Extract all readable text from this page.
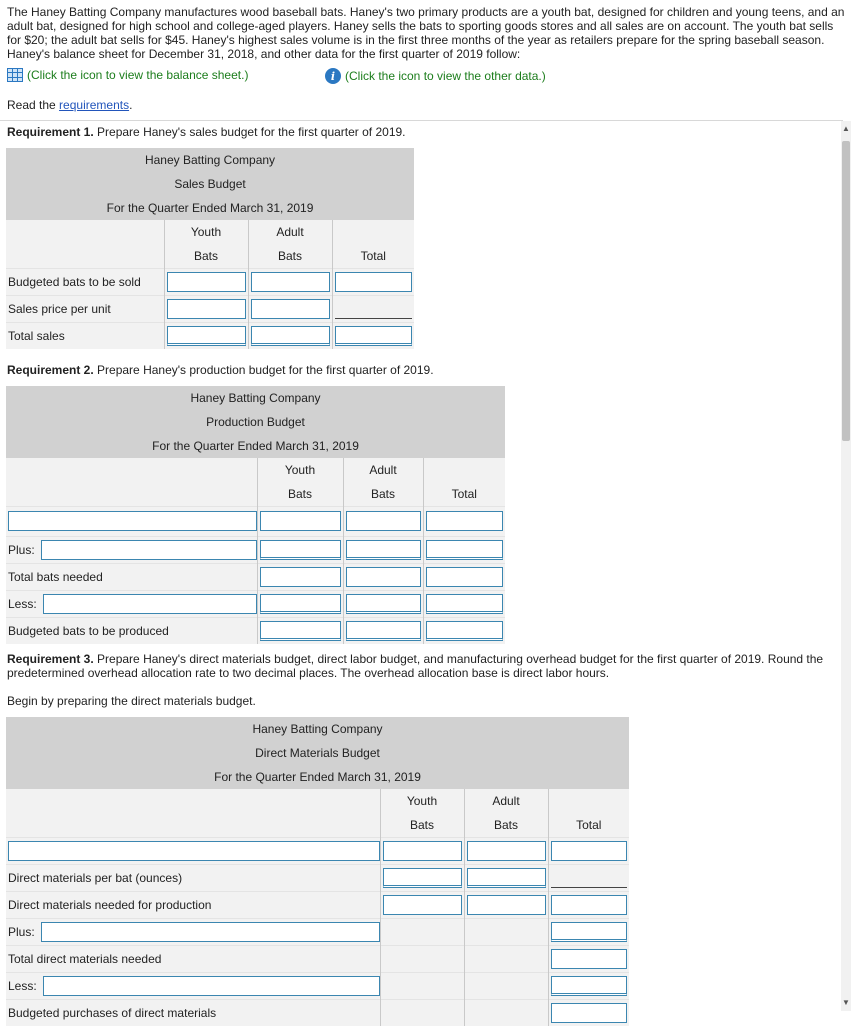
The Haney Batting Company manufactures wood baseball bats. Haney's two primary products are a youth bat, designed for children and young teens, and an adult bat, designed for high school and college-aged players. Haney sells the bats to sporting goods stores and all sales are on account. The youth bat sells for $20; the adult bat sells for $45. Haney's highest sales volume is in the first three months of the year as retailers prepare for the spring baseball season. Haney's balance sheet for December 31, 2018, and other data for the first quarter of 2019 follow:
(Click the icon to view the balance sheet.)	i (Click the icon to view the other data.)
Read the requirements.
▲
▼
Requirement 1. Prepare Haney's sales budget for the first quarter of 2019.
Haney Batting Company			
Sales Budget			
For the Quarter Ended March 31, 2019			
	Youth	Adult	
	Bats	Bats	Total
Budgeted bats to be sold	

Sales price per unit	

Total sales	

Requirement 2. Prepare Haney's production budget for the first quarter of 2019.
Haney Batting Company			
Production Budget			
For the Quarter Ended March 31, 2019			
	Youth	Adult	
	Bats	Bats	Total

Plus:			

Total bats needed	

Less:			

Budgeted bats to be produced	

Requirement 3. Prepare Haney's direct materials budget, direct labor budget, and manufacturing overhead budget for the first quarter of 2019. Round the predetermined overhead allocation rate to two decimal places. The overhead allocation base is direct labor hours.
Begin by preparing the direct materials budget.
Haney Batting Company			
Direct Materials Budget			
For the Quarter Ended March 31, 2019			
	Youth	Adult	
	Bats	Bats	Total

Direct materials per bat (ounces)	

Direct materials needed for production	

Plus:			

Total direct materials needed			

Less:			

Budgeted purchases of direct materials			
